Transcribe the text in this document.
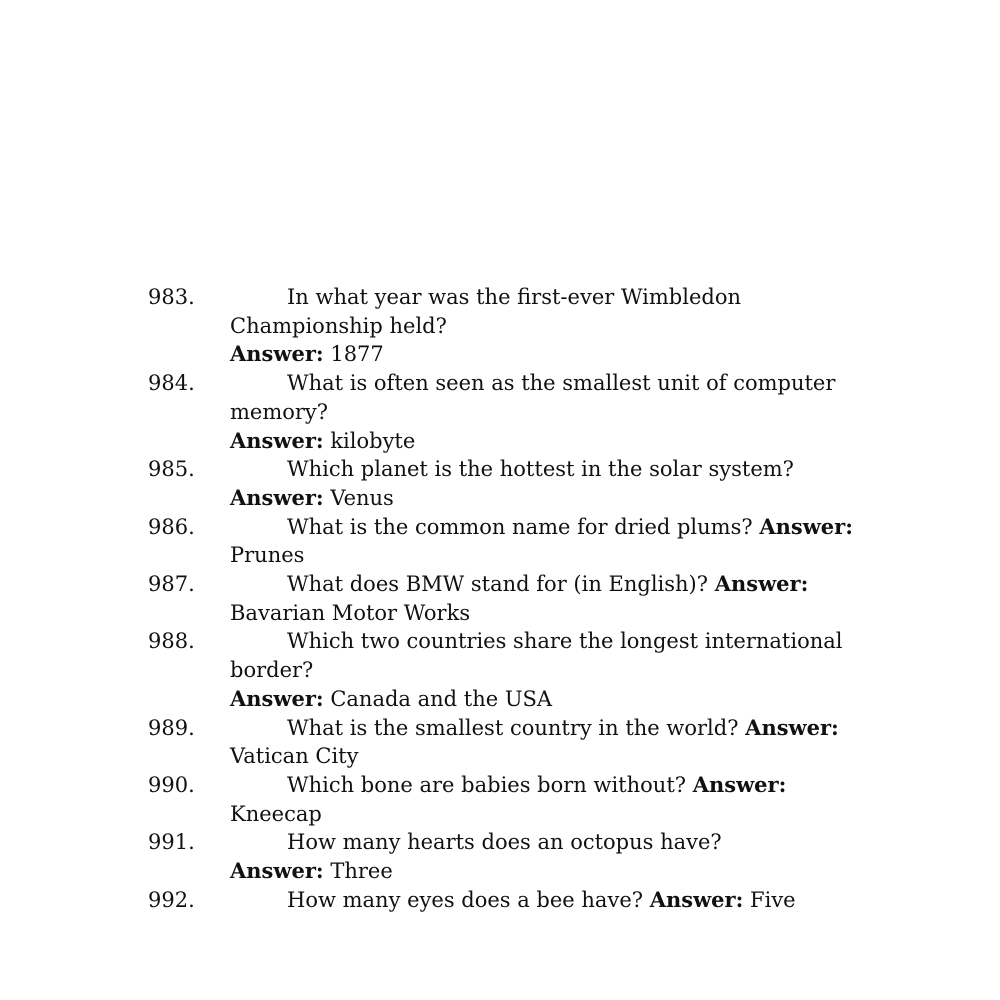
983.	In what year was the first-ever Wimbledon Championship held?
Answer: 1877
984.	What is often seen as the smallest unit of computer memory?
Answer: kilobyte
985.	Which planet is the hottest in the solar system? Answer: Venus
986.	What is the common name for dried plums? Answer: Prunes
987.	What does BMW stand for (in English)? Answer: Bavarian Motor Works
988.	Which two countries share the longest international border?
Answer: Canada and the USA
989.	What is the smallest country in the world? Answer: Vatican City
990.	Which bone are babies born without? Answer: Kneecap
991.	How many hearts does an octopus have?
Answer: Three
992.	How many eyes does a bee have? Answer: Five
